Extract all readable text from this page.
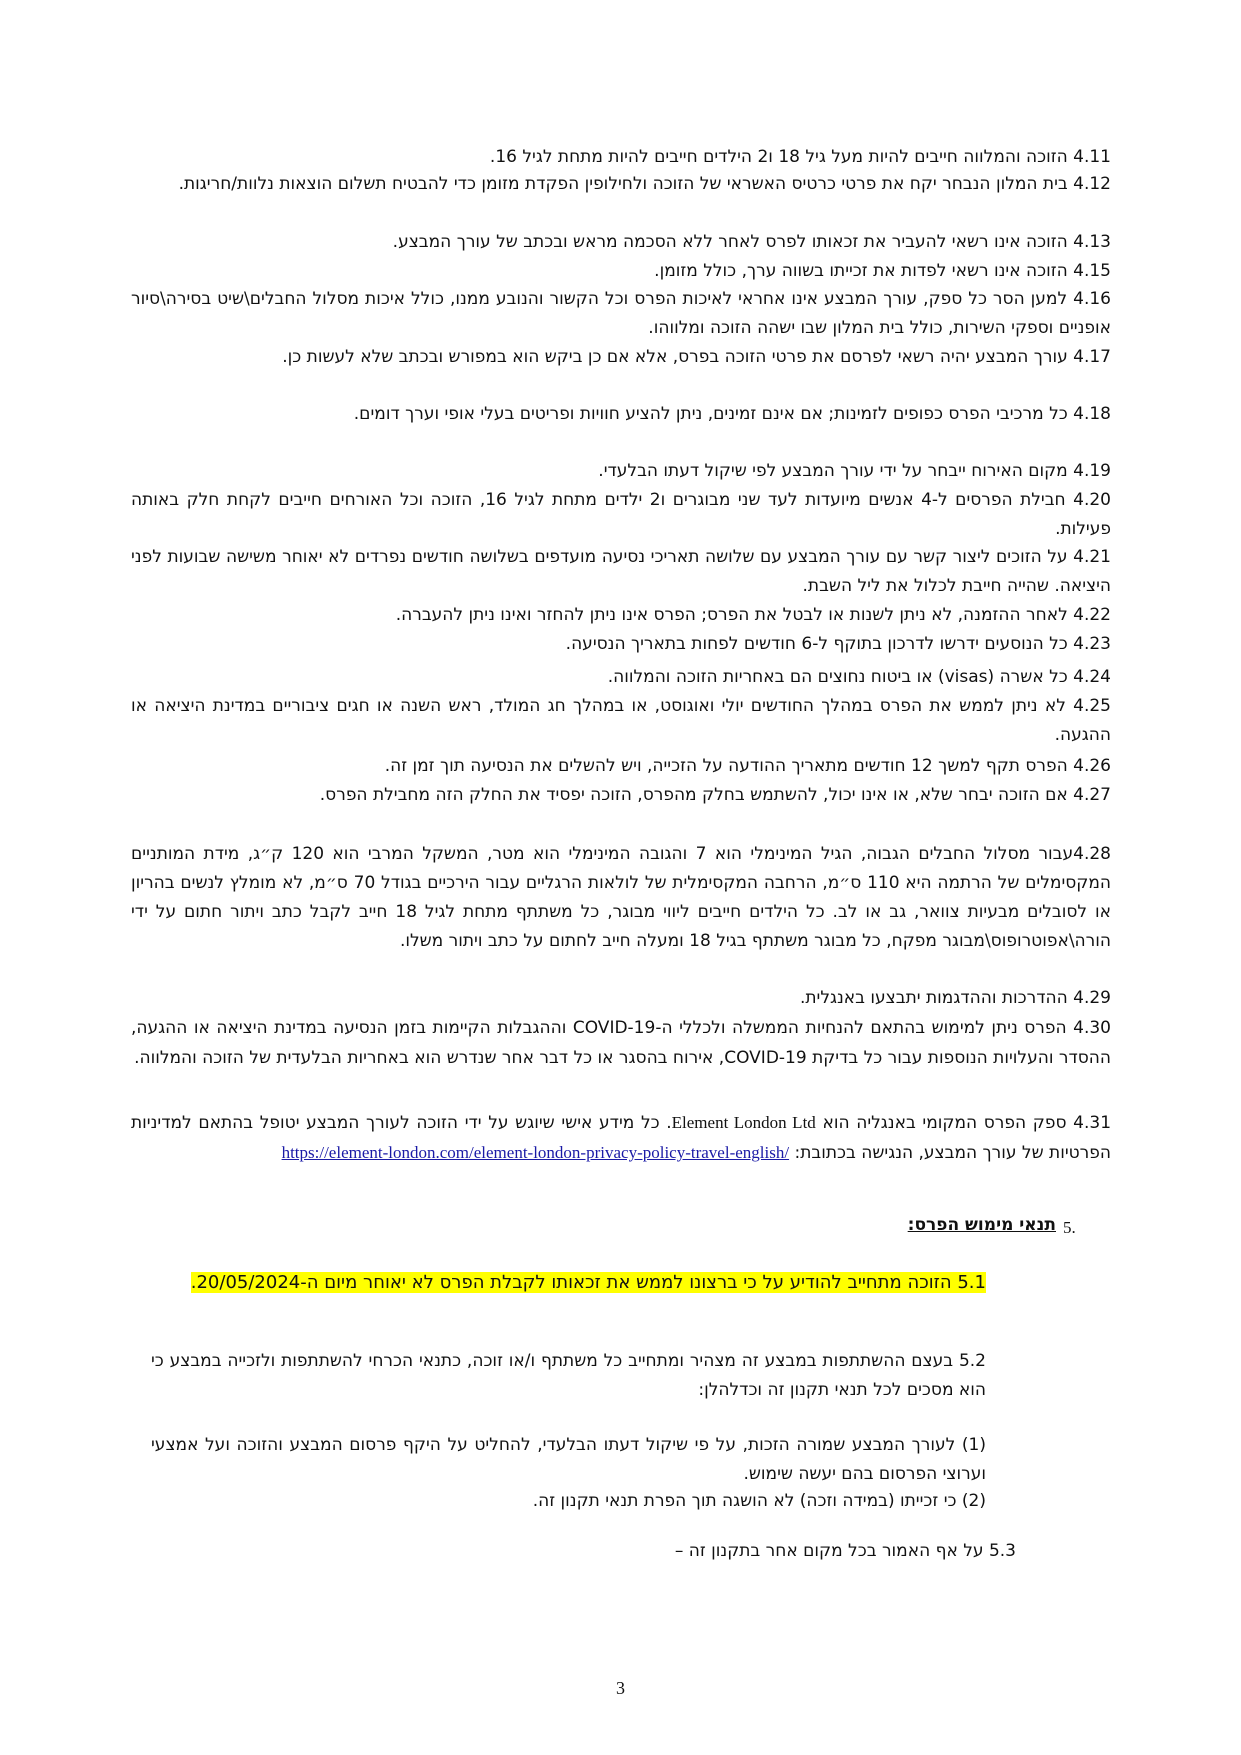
4.11 הזוכה והמלווה חייבים להיות מעל גיל 18 ו2 הילדים חייבים להיות מתחת לגיל 16.

4.12 בית המלון הנבחר יקח את פרטי כרטיס האשראי של הזוכה ולחילופין הפקדת מזומן כדי להבטיח תשלום הוצאות נלוות/חריגות.

4.13 הזוכה אינו רשאי להעביר את זכאותו לפרס לאחר ללא הסכמה מראש ובכתב של עורך המבצע.

4.15 הזוכה אינו רשאי לפדות את זכייתו בשווה ערך, כולל מזומן.

4.16 למען הסר כל ספק, עורך המבצע אינו אחראי לאיכות הפרס וכל הקשור והנובע ממנו, כולל איכות מסלול החבלים\שיט בסירה\סיור אופניים וספקי השירות, כולל בית המלון שבו ישהה הזוכה ומלווהו.

4.17 עורך המבצע יהיה רשאי לפרסם את פרטי הזוכה בפרס, אלא אם כן ביקש הוא במפורש ובכתב שלא לעשות כן.

4.18 כל מרכיבי הפרס כפופים לזמינות; אם אינם זמינים, ניתן להציע חוויות ופריטים בעלי אופי וערך דומים.

4.19 מקום האירוח ייבחר על ידי עורך המבצע לפי שיקול דעתו הבלעדי.

4.20 חבילת הפרסים ל-4 אנשים מיועדות לעד שני מבוגרים ו2 ילדים מתחת לגיל 16, הזוכה וכל האורחים חייבים לקחת חלק באותה פעילות.

4.21 על הזוכים ליצור קשר עם עורך המבצע עם שלושה תאריכי נסיעה מועדפים בשלושה חודשים נפרדים לא יאוחר משישה שבועות לפני היציאה. שהייה חייבת לכלול את ליל השבת.

4.22 לאחר ההזמנה, לא ניתן לשנות או לבטל את הפרס; הפרס אינו ניתן להחזר ואינו ניתן להעברה.

4.23 כל הנוסעים ידרשו לדרכון בתוקף ל-6 חודשים לפחות בתאריך הנסיעה.

4.24 כל אשרה (visas) או ביטוח נחוצים הם באחריות הזוכה והמלווה.

4.25 לא ניתן לממש את הפרס במהלך החודשים יולי ואוגוסט, או במהלך חג המולד, ראש השנה או חגים ציבוריים במדינת היציאה או ההגעה.

4.26 הפרס תקף למשך 12 חודשים מתאריך ההודעה על הזכייה, ויש להשלים את הנסיעה תוך זמן זה.

4.27 אם הזוכה יבחר שלא, או אינו יכול, להשתמש בחלק מהפרס, הזוכה יפסיד את החלק הזה מחבילת הפרס.

4.28עבור מסלול החבלים הגבוה, הגיל המינימלי הוא 7 והגובה המינימלי הוא מטר, המשקל המרבי הוא 120 ק״ג, מידת המותניים המקסימלים של הרתמה היא 110 ס״מ, הרחבה המקסימלית של לולאות הרגליים עבור הירכיים בגודל 70 ס״מ, לא מומלץ לנשים בהריון או לסובלים מבעיות צוואר, גב או לב. כל הילדים חייבים ליווי מבוגר, כל משתתף מתחת לגיל 18 חייב לקבל כתב ויתור חתום על ידי הורה\אפוטרופוס\מבוגר מפקח, כל מבוגר משתתף בגיל 18 ומעלה חייב לחתום על כתב ויתור משלו.

4.29 ההדרכות וההדגמות יתבצעו באנגלית.

4.30 הפרס ניתן למימוש בהתאם להנחיות הממשלה ולכללי ה-COVID-19 וההגבלות הקיימות בזמן הנסיעה במדינת היציאה או ההגעה, ההסדר והעלויות הנוספות עבור כל בדיקת COVID-19, אירוח בהסגר או כל דבר אחר שנדרש הוא באחריות הבלעדית של הזוכה והמלווה.

4.31 ספק הפרס המקומי באנגליה הוא Element London Ltd. כל מידע אישי שיוגש על ידי הזוכה לעורך המבצע יטופל בהתאם למדיניות הפרטיות של עורך המבצע, הנגישה בכתובת: https://element-london.com/element-london-privacy-policy-travel-english/

5.
תנאי מימוש הפרס:

5.1 הזוכה מתחייב להודיע על כי ברצונו לממש את זכאותו לקבלת הפרס לא יאוחר מיום ה-20/05/2024.

5.2 בעצם ההשתתפות במבצע זה מצהיר ומתחייב כל משתתף ו/או זוכה, כתנאי הכרחי להשתתפות ולזכייה במבצע כי הוא מסכים לכל תנאי תקנון זה וכדלהלן:

(1) לעורך המבצע שמורה הזכות, על פי שיקול דעתו הבלעדי, להחליט על היקף פרסום המבצע והזוכה ועל אמצעי וערוצי הפרסום בהם יעשה שימוש.

(2) כי זכייתו (במידה וזכה) לא הושגה תוך הפרת תנאי תקנון זה.

5.3 על אף האמור בכל מקום אחר בתקנון זה –

3
